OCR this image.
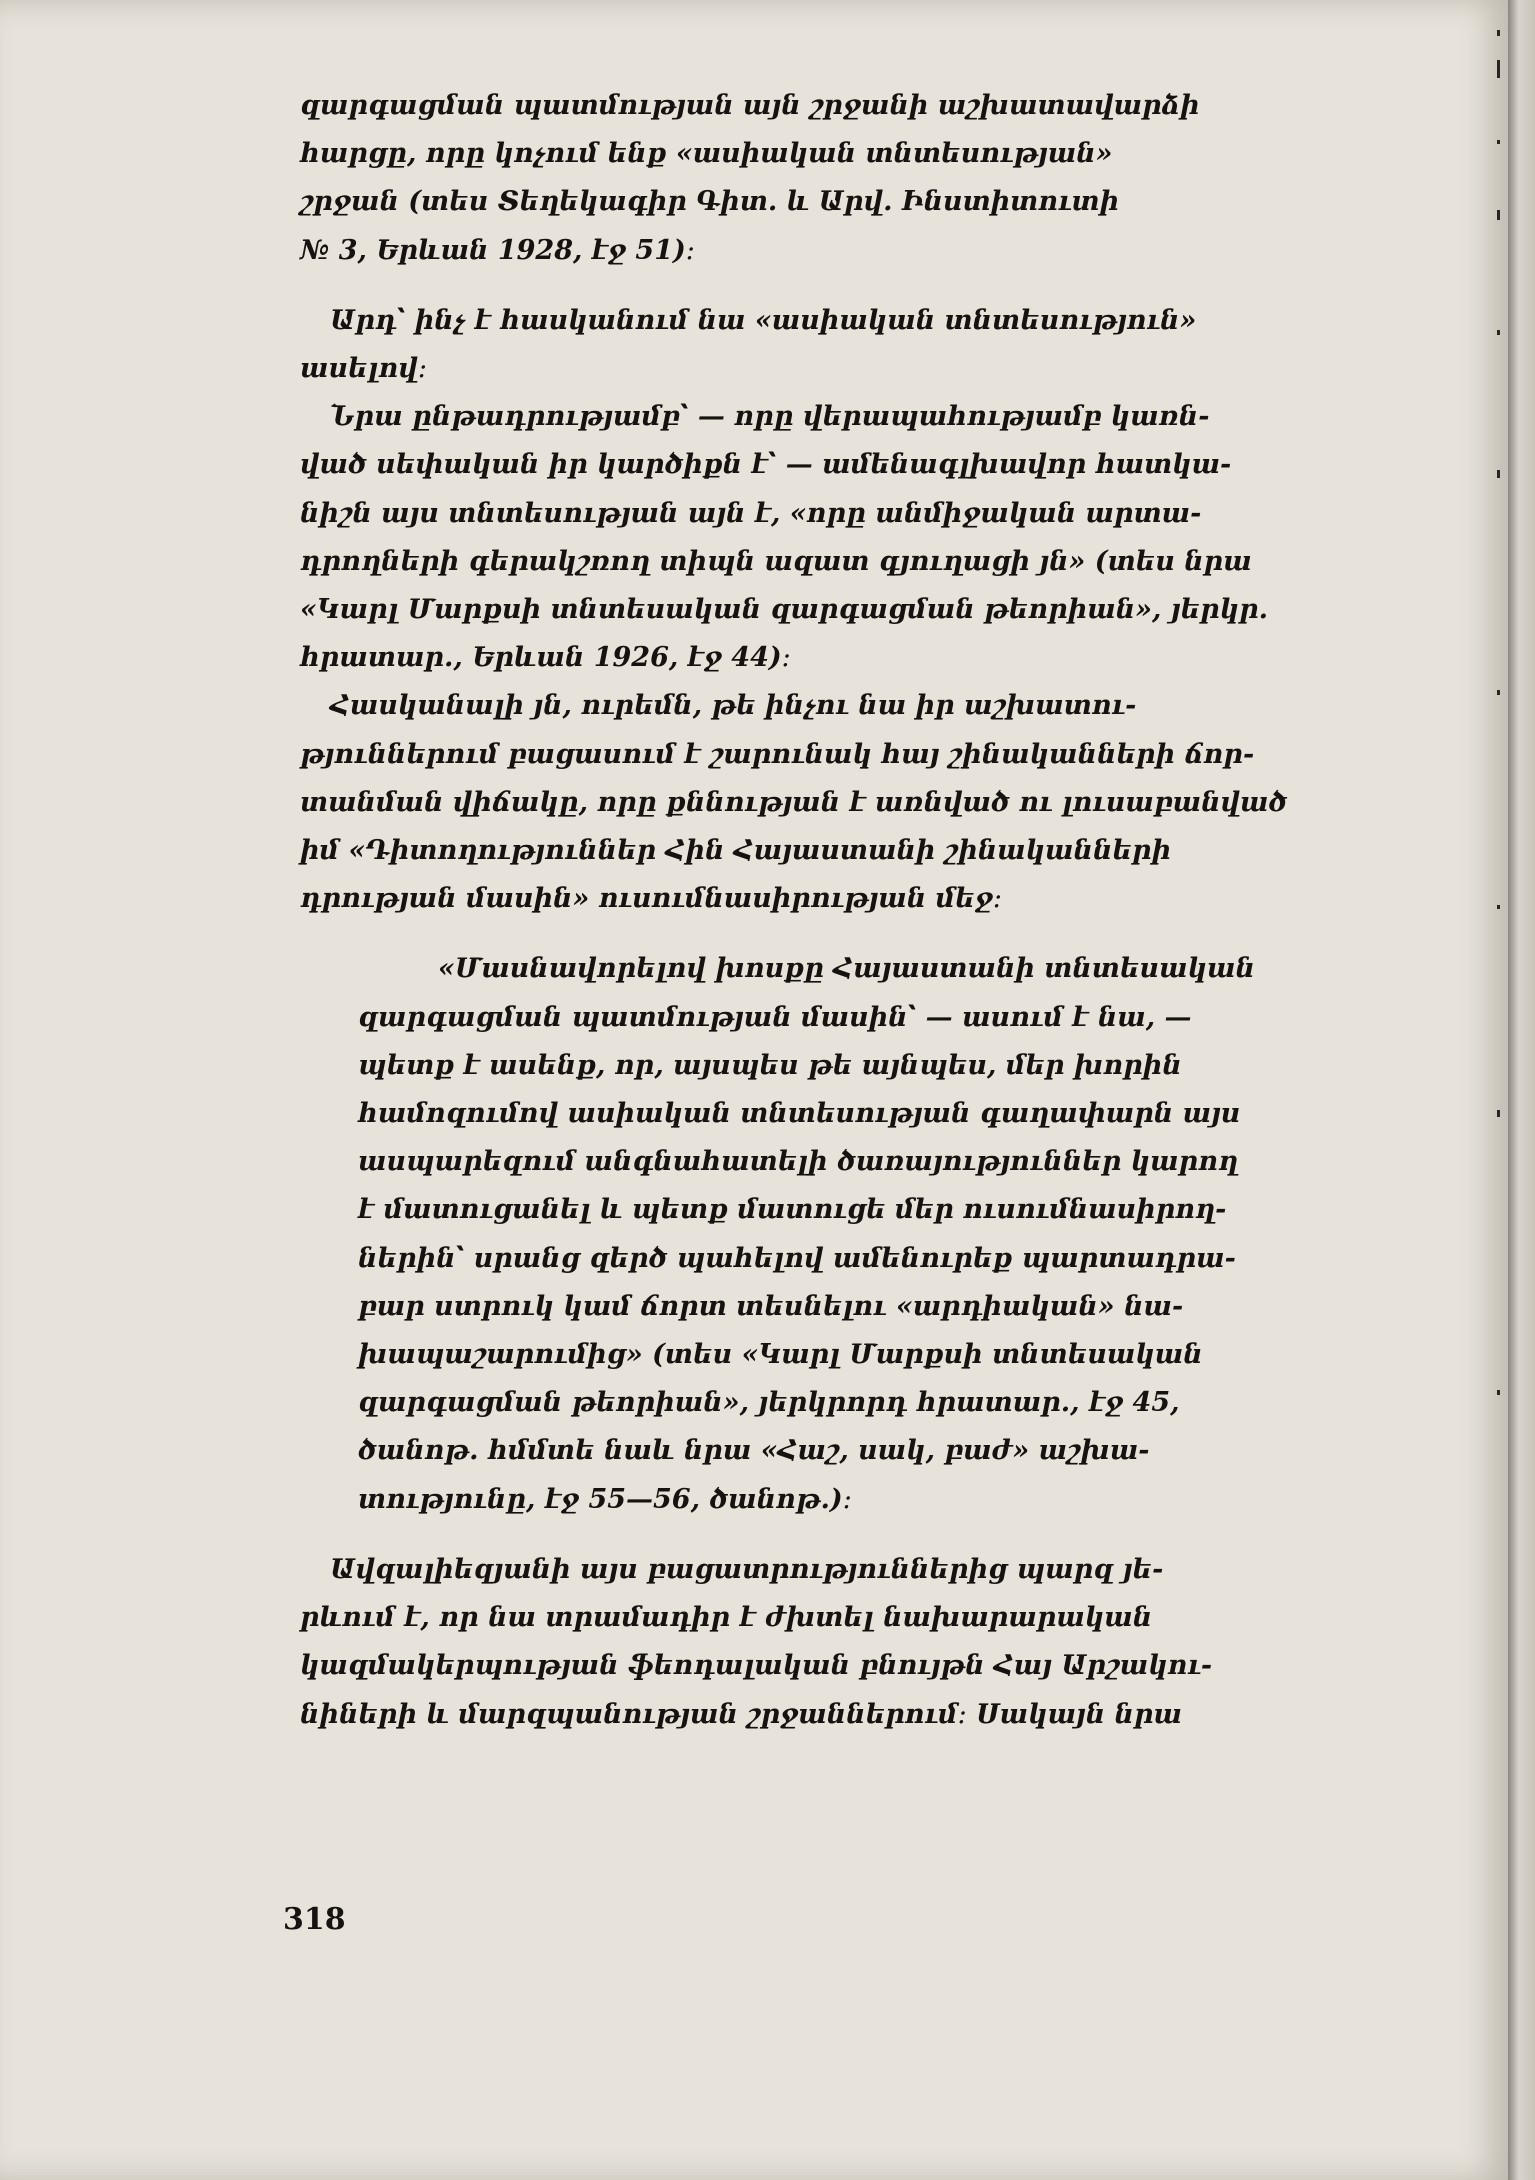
զարգացման պատմության այն շրջանի աշխատավարձի
հարցը, որը կոչում ենք «ասիական տնտեսության»
շրջան (տես Տեղեկագիր Գիտ. և Արվ. Ինստիտուտի
№ 3, Երևան 1928, էջ 51)։
Արդ՝ ինչ է հասկանում նա «ասիական տնտեսություն»
ասելով։
Նրա ընթադրությամբ՝ — որը վերապահությամբ կառն-
ված սեփական իր կարծիքն է՝ — ամենագլխավոր հատկա-
նիշն այս տնտեսության այն է, «որը անմիջական արտա-
դրողների գերակշռող տիպն ազատ գյուղացի յն» (տես նրա
«Կարլ Մարքսի տնտեսական զարգացման թեորիան», յերկր.
հրատար., Երևան 1926, էջ 44)։
Հասկանալի յն, ուրեմն, թե ինչու նա իր աշխատու-
թյուններում բացասում է շարունակ հայ շինականների ճոր-
տանման վիճակը, որը քննության է առնված ու լուսաբանված
իմ «Դիտողություններ Հին Հայաստանի շինականների
դրության մասին» ուսումնասիրության մեջ։
«Մասնավորելով խոսքը Հայաստանի տնտեսական
զարգացման պատմության մասին՝ — ասում է նա, —
պետք է ասենք, որ, այսպես թե այնպես, մեր խորին
համոզումով ասիական տնտեսության գաղափարն այս
ասպարեզում անգնահատելի ծառայություններ կարող
է մատուցանել և պետք մատուցե մեր ուսումնասիրող-
ներին՝ սրանց զերծ պահելով ամենուրեք պարտադրա-
բար ստրուկ կամ ճորտ տեսնելու «արդիական» նա-
խապաշարումից» (տես «Կարլ Մարքսի տնտեսական
զարգացման թեորիան», յերկրորդ հրատար., էջ 45,
ծանոթ. հմմտե նաև նրա «Հաշ, սակ, բաժ» աշխա-
տությունը, էջ 55—56, ծանոթ.)։
Ավզալիեզյանի այս բացատրություններից պարզ յե-
րևում է, որ նա տրամադիր է ժխտել նախարարական
կազմակերպության ֆեոդալական բնույթն Հայ Արշակու-
նիների և մարզպանության շրջաններում։ Սակայն նրա
318
